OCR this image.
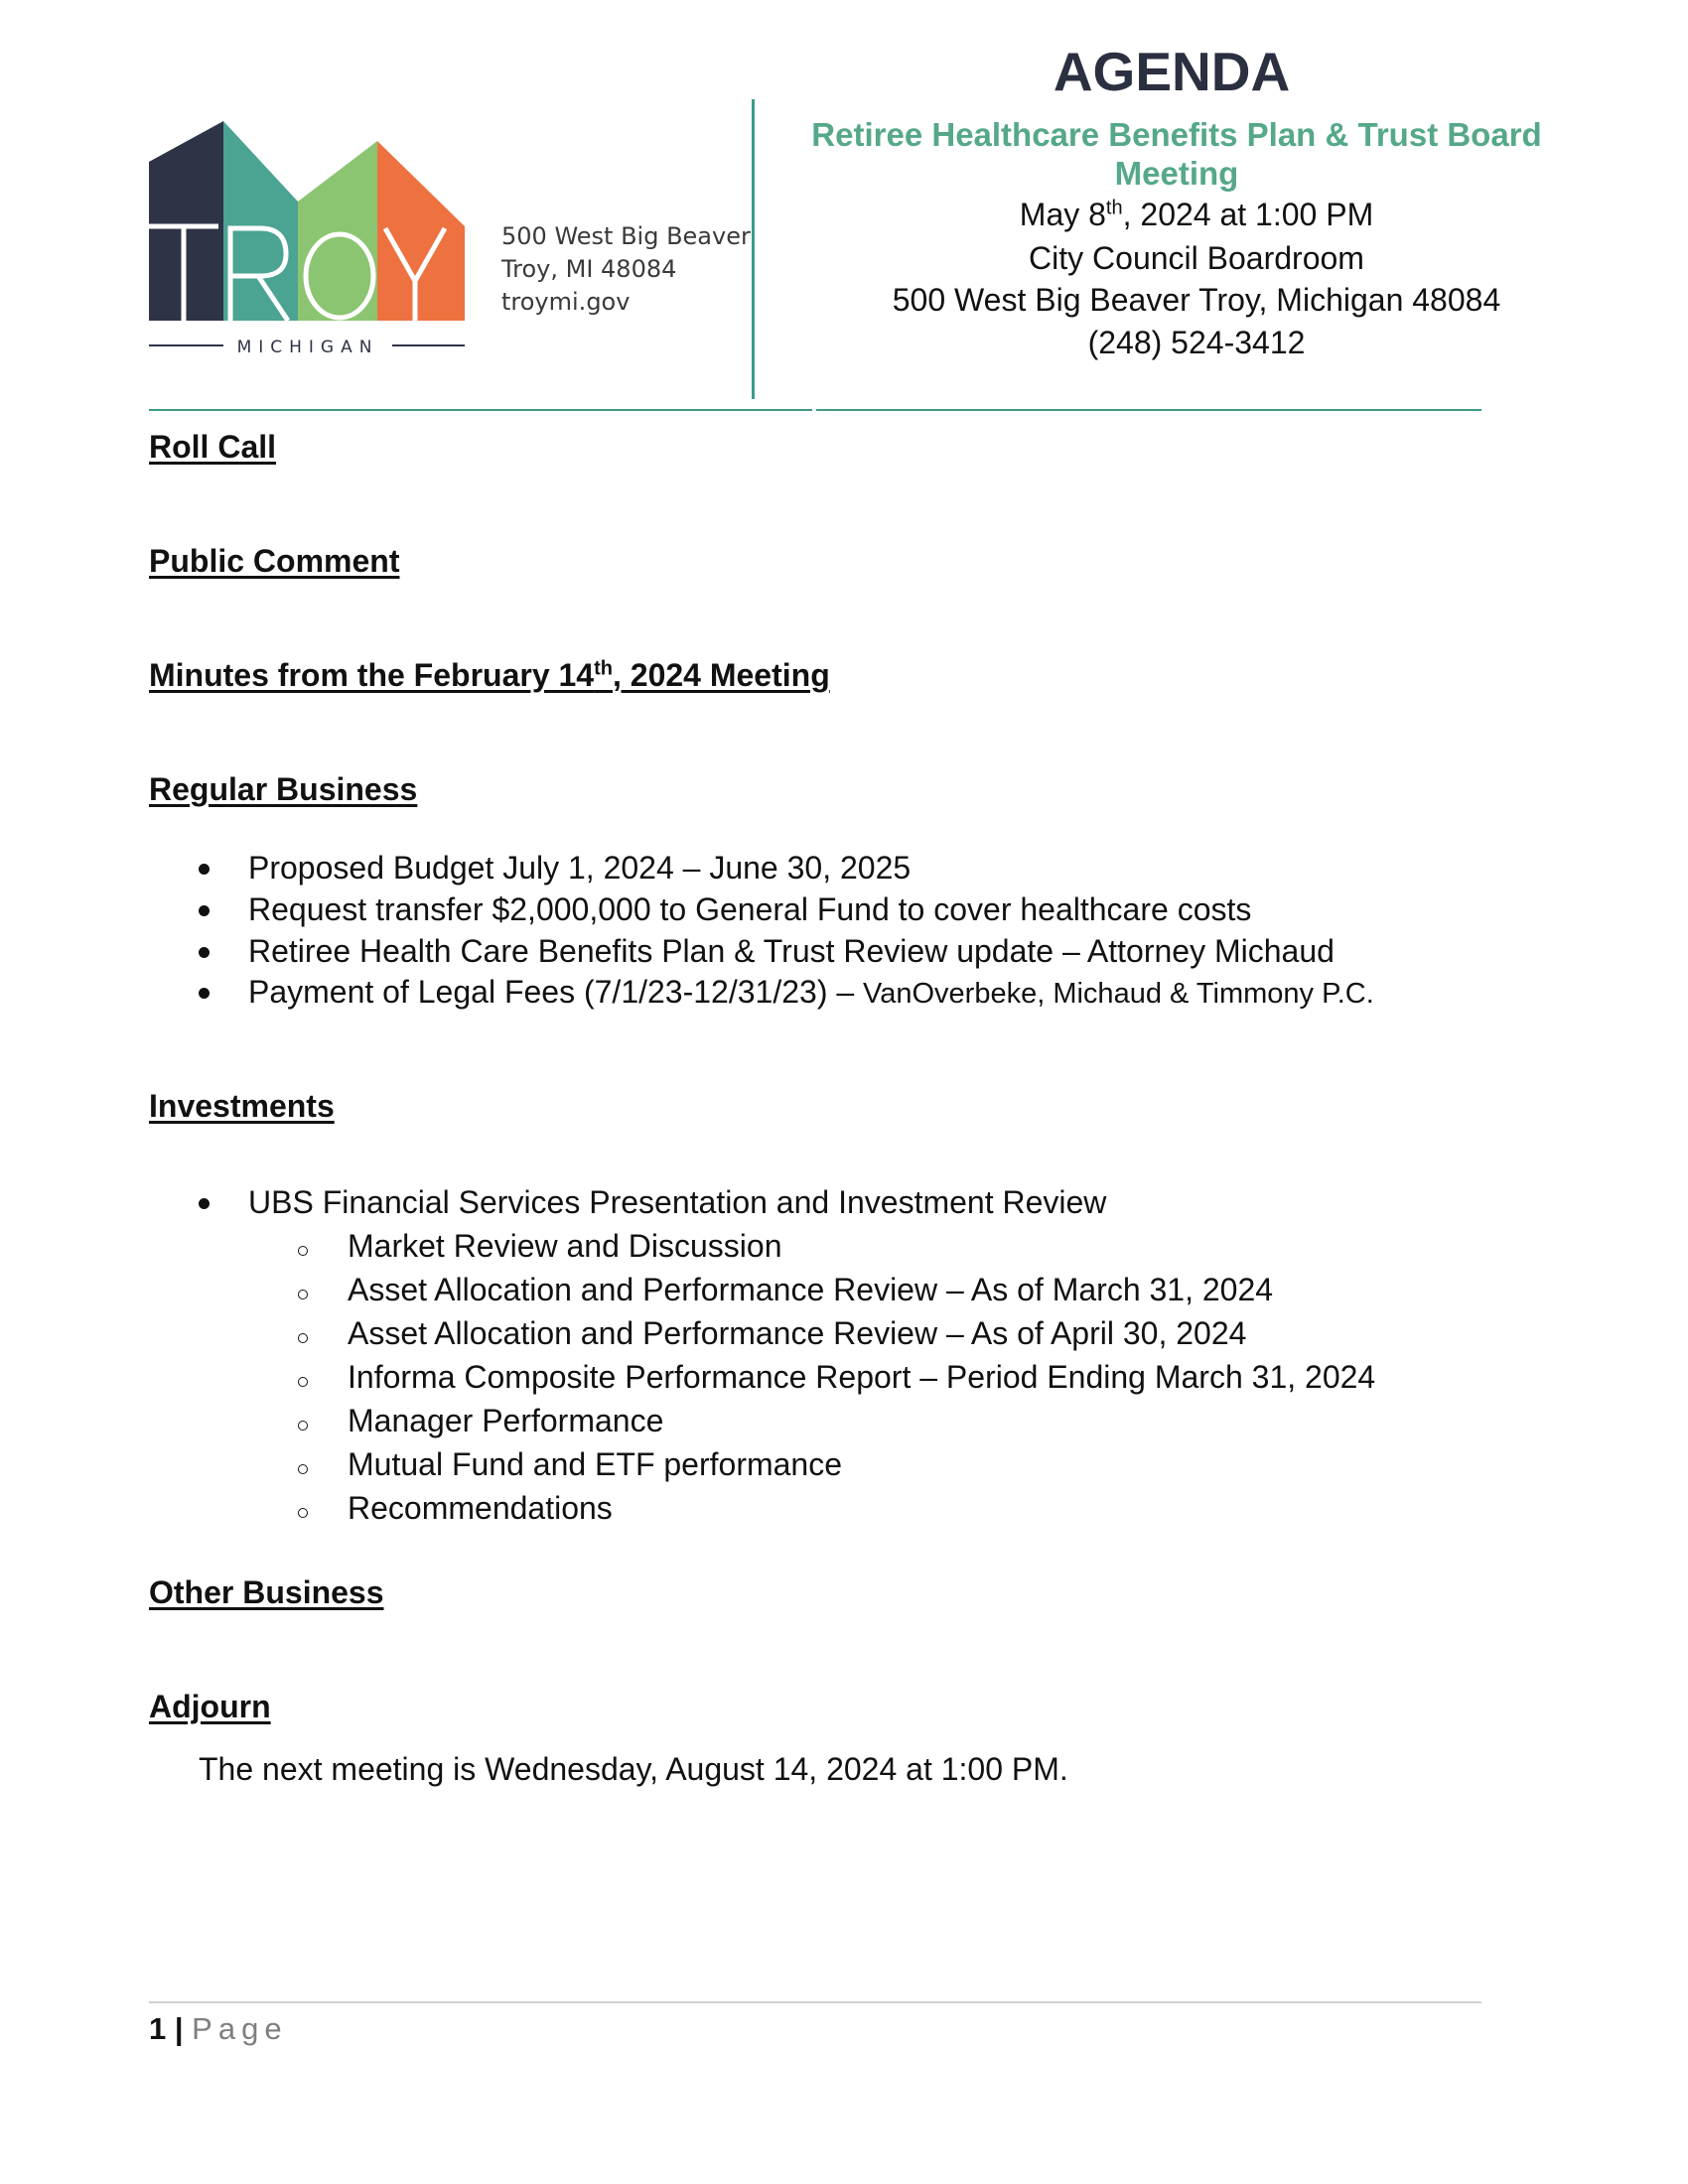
MICHIGAN
500 West Big Beaver
Troy, MI 48084
troymi.gov
AGENDA
Retiree Healthcare Benefits Plan & Trust Board Meeting
May 8th, 2024 at 1:00 PM
City Council Boardroom
500 West Big Beaver Troy, Michigan 48084
(248) 524-3412
Roll Call
Public Comment
Minutes from the February 14th, 2024 Meeting
Regular Business
Proposed Budget July 1, 2024 – June 30, 2025
Request transfer $2,000,000 to General Fund to cover healthcare costs
Retiree Health Care Benefits Plan & Trust Review update – Attorney Michaud
Payment of Legal Fees (7/1/23-12/31/23) – VanOverbeke, Michaud & Timmony P.C.
Investments
UBS Financial Services Presentation and Investment Review
Market Review and Discussion
Asset Allocation and Performance Review – As of March 31, 2024
Asset Allocation and Performance Review – As of April 30, 2024
Informa Composite Performance Report – Period Ending March 31, 2024
Manager Performance
Mutual Fund and ETF performance
Recommendations
Other Business
Adjourn
The next meeting is Wednesday, August 14, 2024 at 1:00 PM.
1 | Page
